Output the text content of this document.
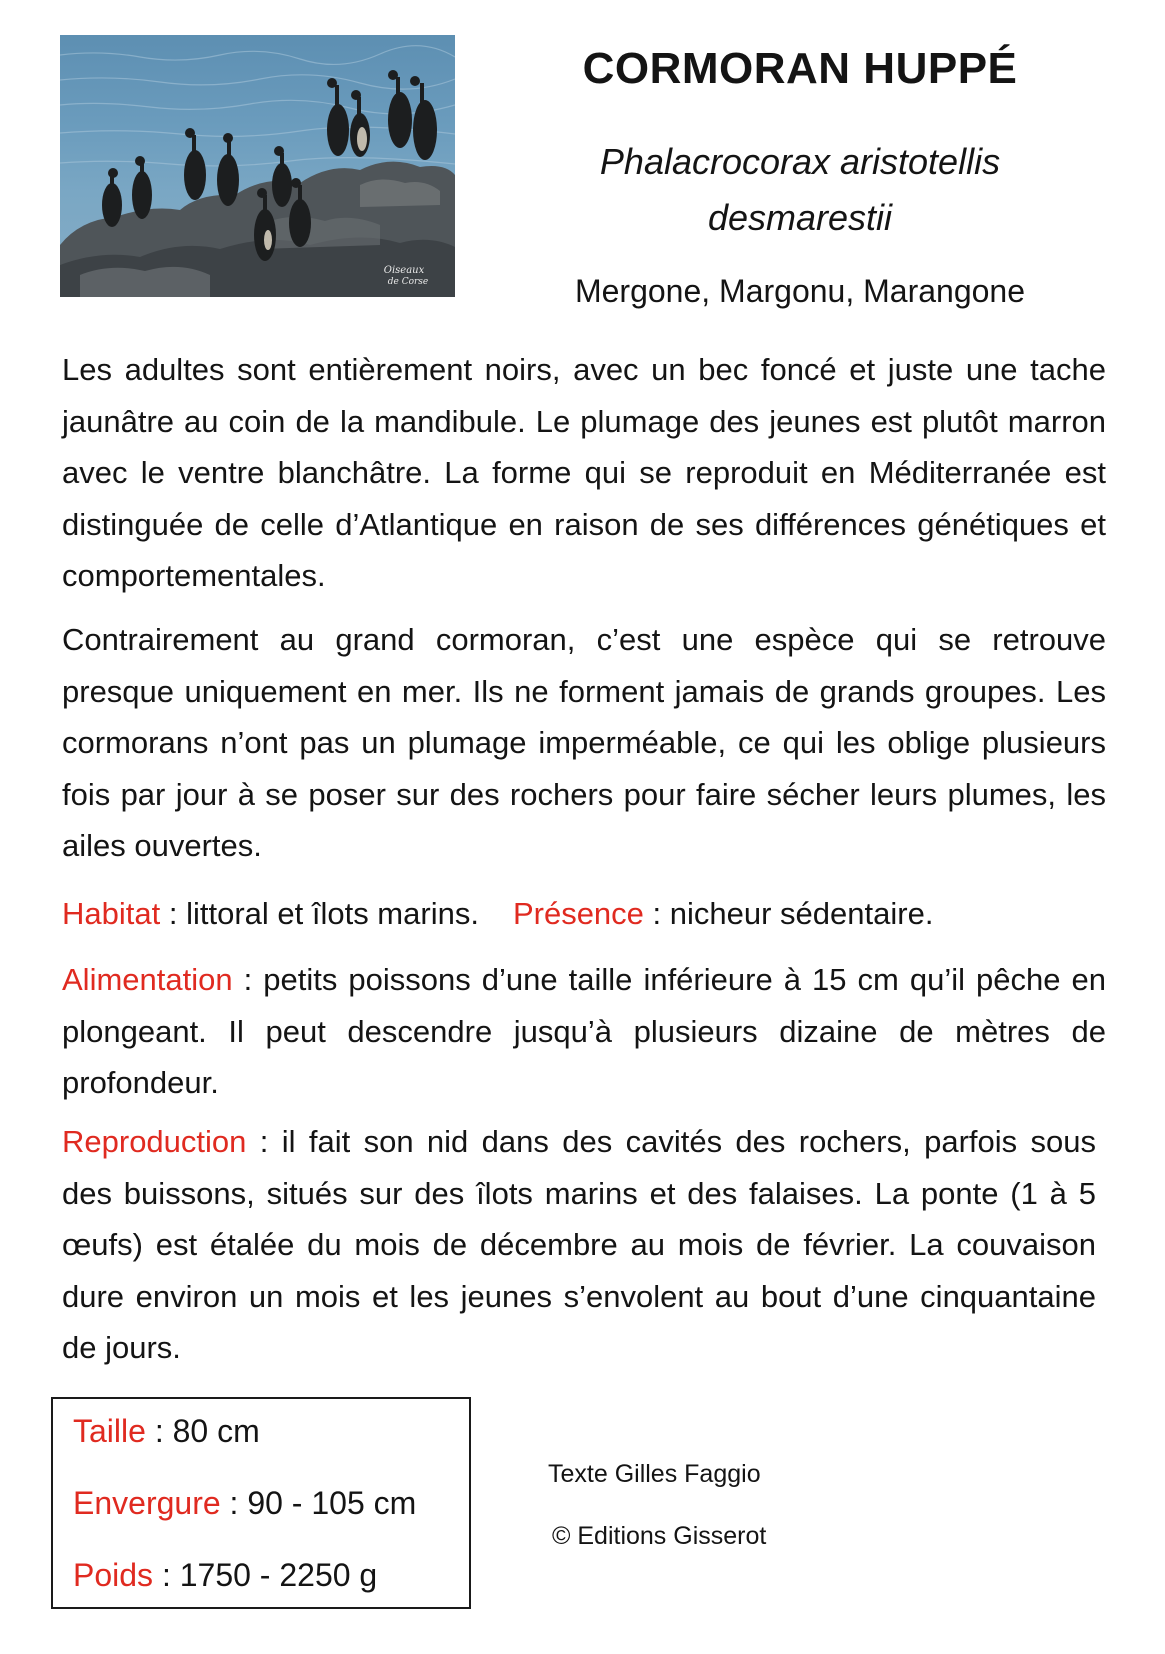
Oiseaux
de Corse
CORMORAN HUPPÉ
Phalacrocorax aristotellis
desmarestii
Mergone, Margonu, Marangone

Les adultes sont entièrement noirs, avec un bec foncé et juste une tache jaunâtre au coin de la mandibule. Le plumage des jeunes est plutôt marron avec le ventre blanchâtre. La forme qui se reproduit en Méditerranée est distinguée de celle d’Atlantique en raison de ses différences génétiques et comportementales.

Contrairement au grand cormoran, c’est une espèce qui se retrouve presque uniquement en mer. Ils ne forment jamais de grands groupes. Les cormorans n’ont pas un plumage imperméable, ce qui les oblige plusieurs fois par jour à se poser sur des rochers pour faire sécher leurs plumes, les ailes ouvertes.

Habitat : littoral et îlots marins. Présence : nicheur sédentaire.

Alimentation : petits poissons d’une taille inférieure à 15 cm qu’il pêche en plongeant. Il peut descendre jusqu’à plusieurs dizaine de mètres de profondeur.

Reproduction : il fait son nid dans des cavités des rochers, parfois sous des buissons, situés sur des îlots marins et des falaises. La ponte (1 à 5 œufs) est étalée du mois de décembre au mois de février. La couvaison dure environ un mois et les jeunes s’envolent au bout d’une cinquantaine de jours.

Taille : 80 cm
Envergure : 90 - 105 cm
Poids : 1750 - 2250 g
Texte Gilles Faggio
© Editions Gisserot
